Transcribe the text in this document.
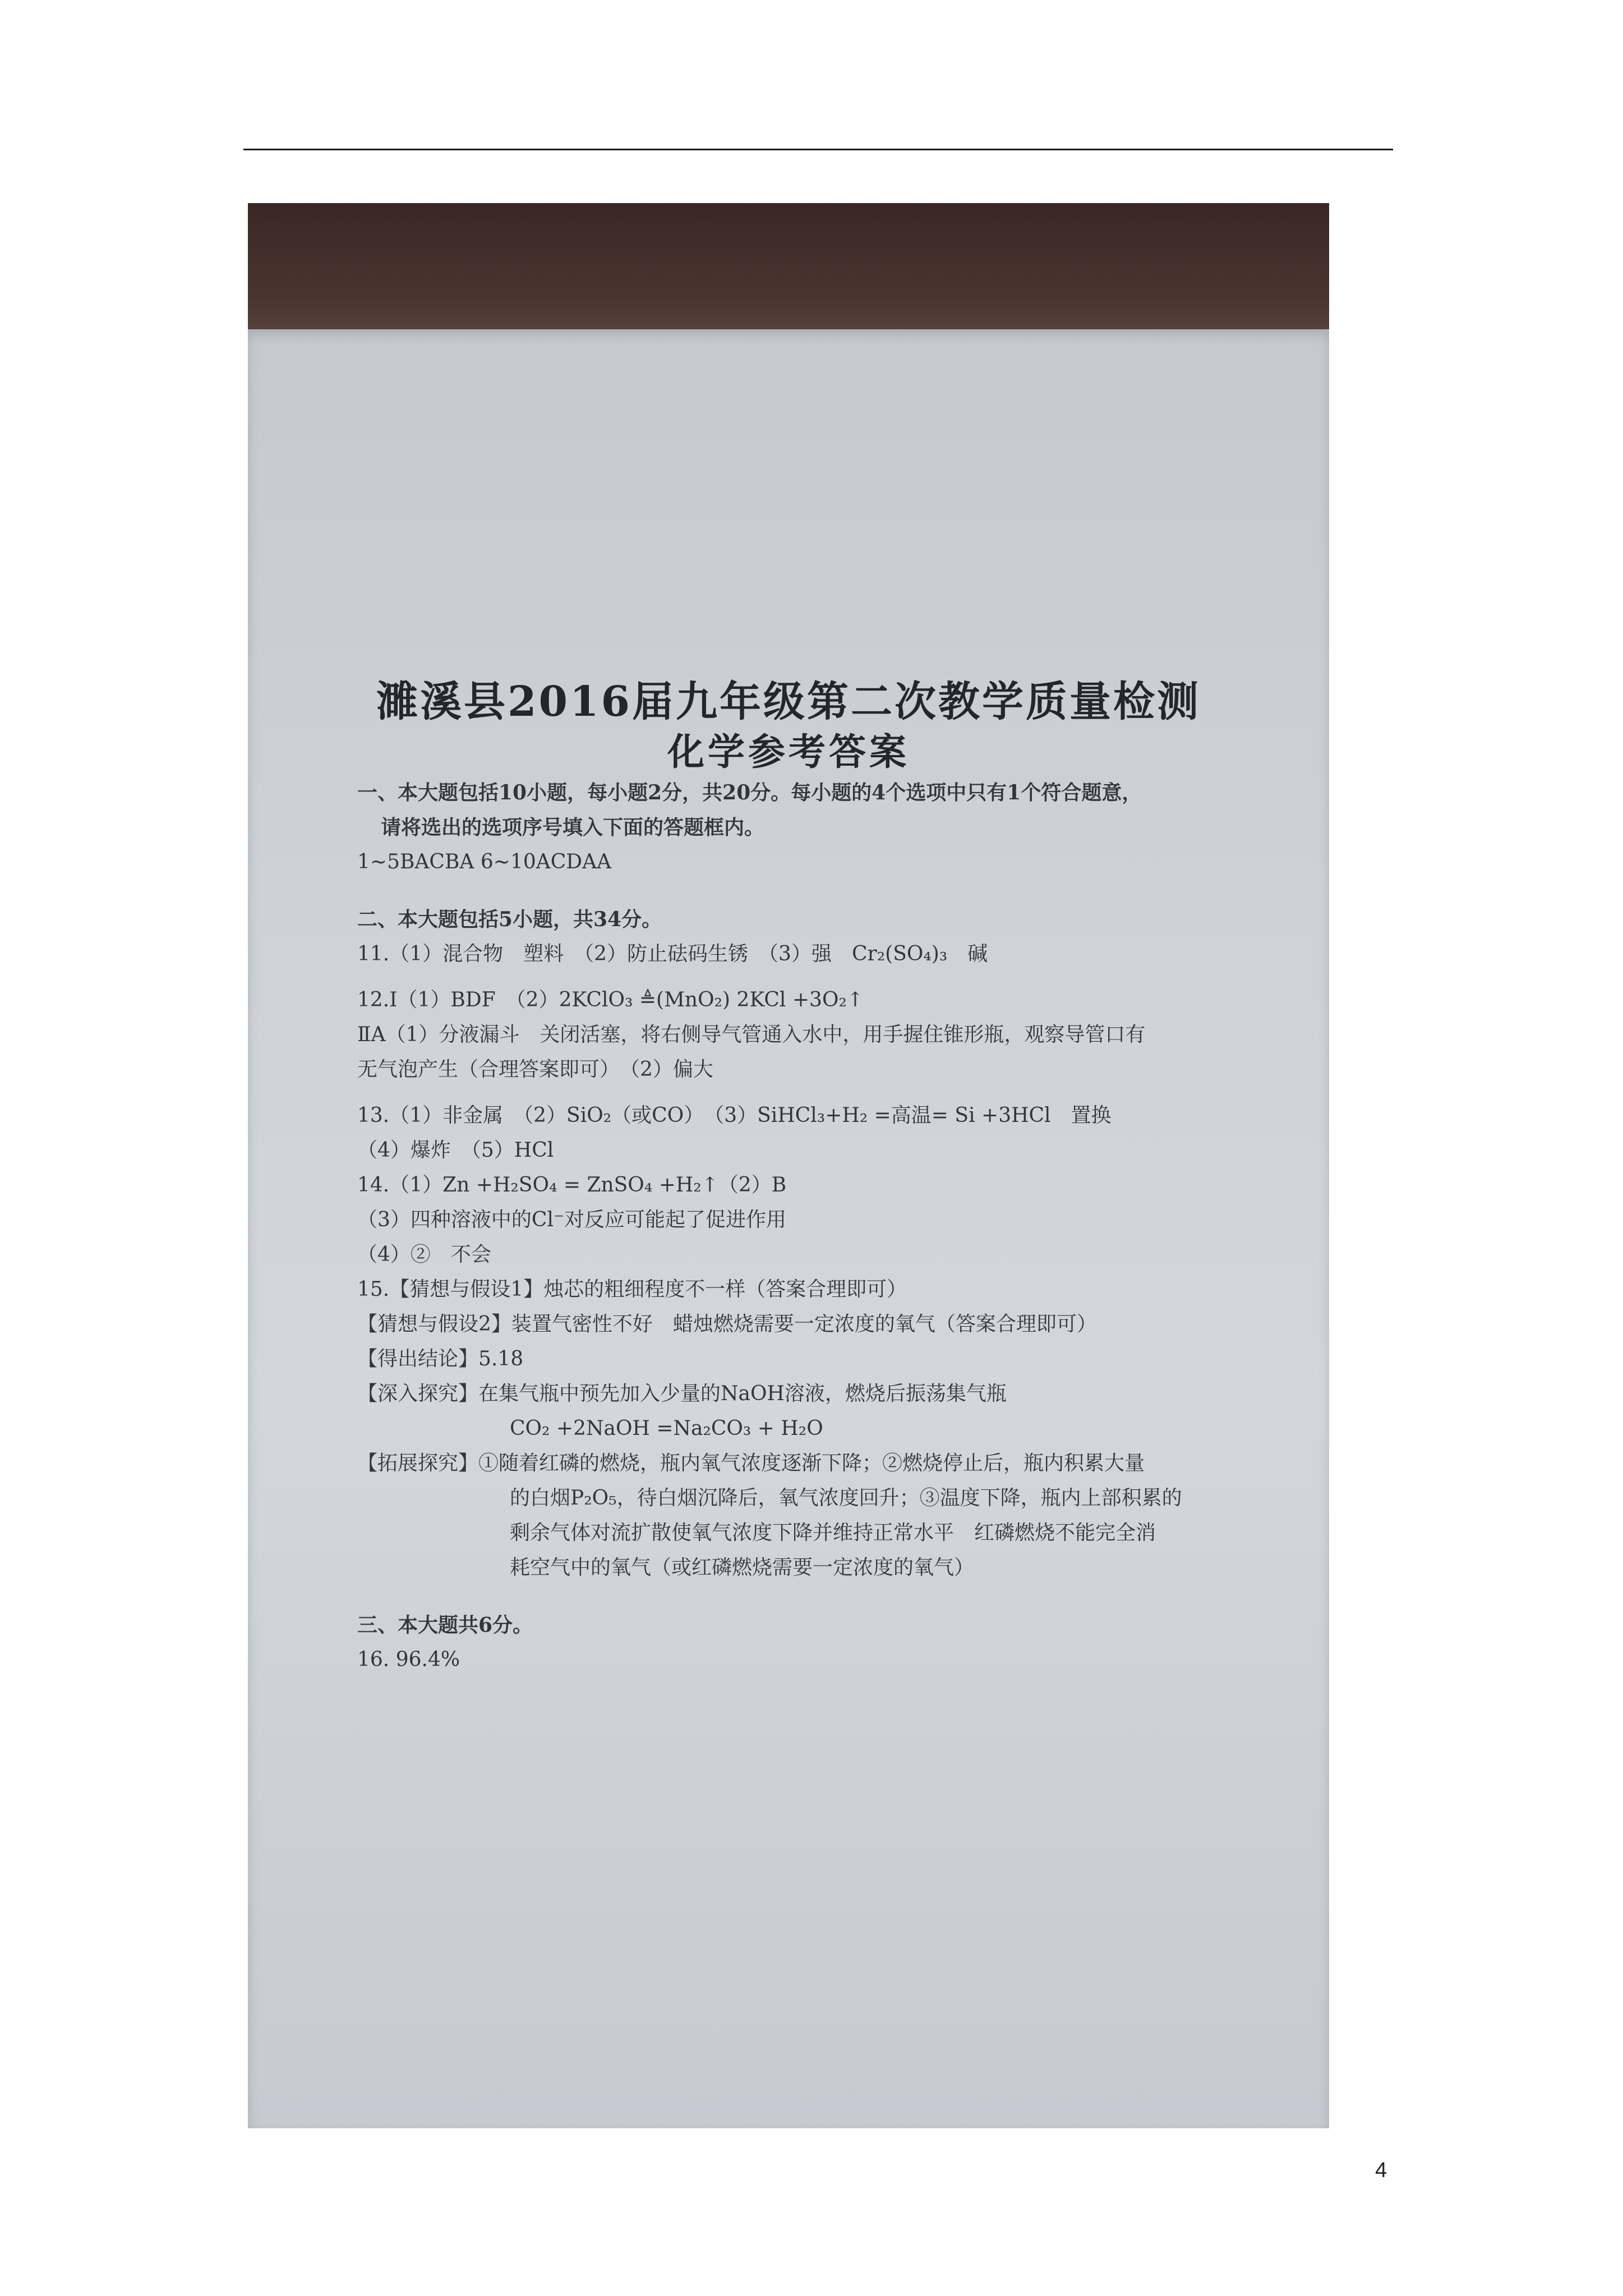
濉溪县2016届九年级第二次教学质量检测
化学参考答案
一、本大题包括10小题，每小题2分，共20分。每小题的4个选项中只有1个符合题意，
请将选出的选项序号填入下面的答题框内。
1~5BACBA 6~10ACDAA
二、本大题包括5小题，共34分。
11.（1）混合物　塑料　（2）防止砝码生锈　（3）强　Cr₂(SO₄)₃　碱
12.Ⅰ（1）BDF　（2）2KClO₃ ≜(MnO₂) 2KCl +3O₂↑
ⅡA（1）分液漏斗　关闭活塞，将右侧导气管通入水中，用手握住锥形瓶，观察导管口有
无气泡产生（合理答案即可）　（2）偏大
13.（1）非金属　（2）SiO₂（或CO）　（3）SiHCl₃+H₂ =高温= Si +3HCl　置换
（4）爆炸　（5）HCl
14.（1）Zn +H₂SO₄ = ZnSO₄ +H₂↑（2）B
（3）四种溶液中的Cl⁻对反应可能起了促进作用
（4）②　不会
15.【猜想与假设1】烛芯的粗细程度不一样（答案合理即可）
【猜想与假设2】装置气密性不好　蜡烛燃烧需要一定浓度的氧气（答案合理即可）
【得出结论】5.18
【深入探究】在集气瓶中预先加入少量的NaOH溶液，燃烧后振荡集气瓶
CO₂ +2NaOH =Na₂CO₃ + H₂O
【拓展探究】①随着红磷的燃烧，瓶内氧气浓度逐渐下降；②燃烧停止后，瓶内积累大量
的白烟P₂O₅，待白烟沉降后，氧气浓度回升；③温度下降，瓶内上部积累的
剩余气体对流扩散使氧气浓度下降并维持正常水平　红磷燃烧不能完全消
耗空气中的氧气（或红磷燃烧需要一定浓度的氧气）
三、本大题共6分。
16. 96.4%
4
